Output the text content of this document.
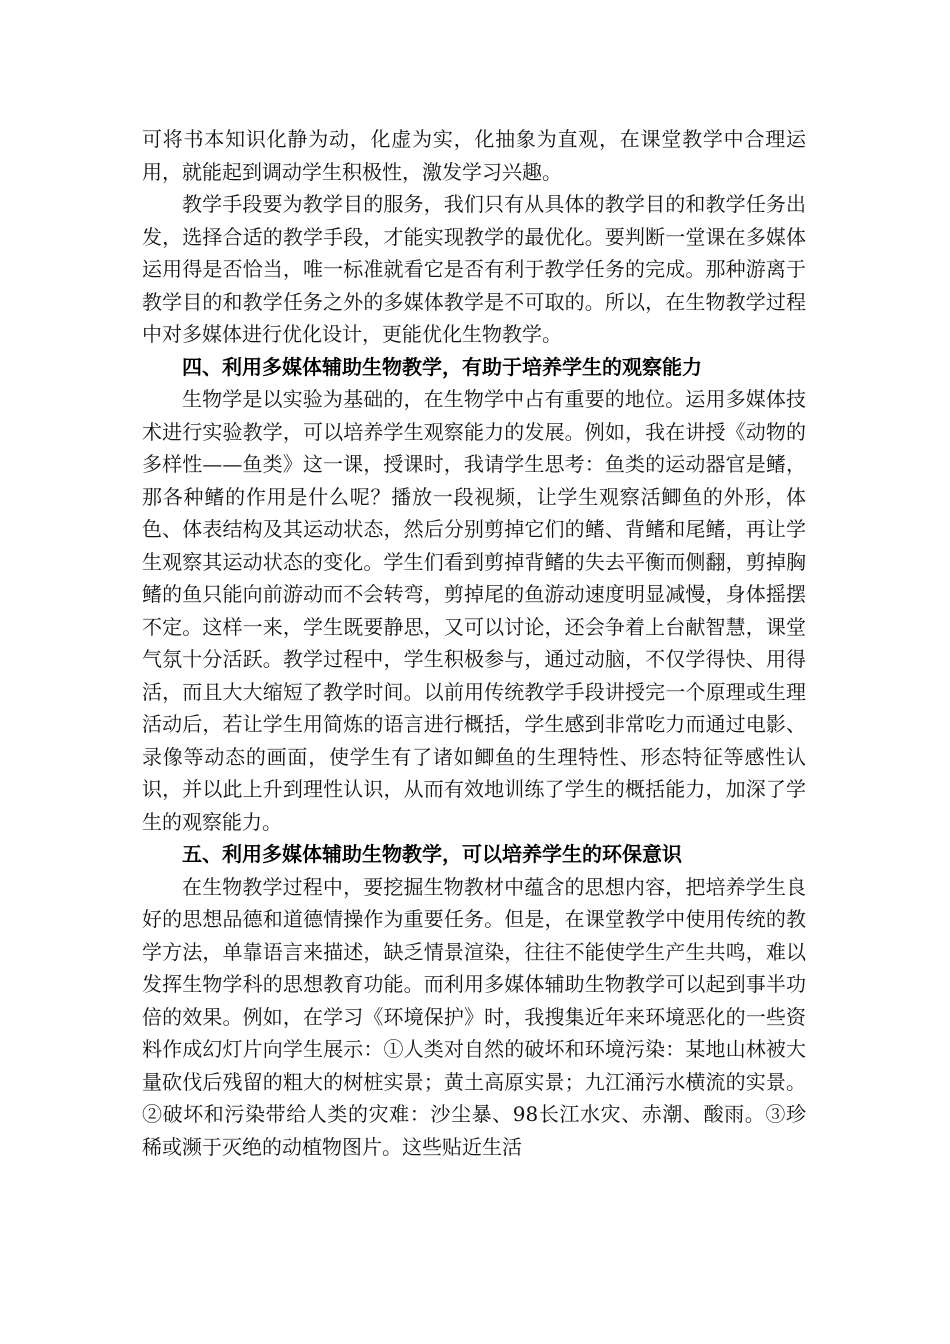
可将书本知识化静为动，化虚为实，化抽象为直观，在课堂教学中合理运用，就能起到调动学生积极性，激发学习兴趣。

教学手段要为教学目的服务，我们只有从具体的教学目的和教学任务出发，选择合适的教学手段，才能实现教学的最优化。要判断一堂课在多媒体运用得是否恰当，唯一标准就看它是否有利于教学任务的完成。那种游离于教学目的和教学任务之外的多媒体教学是不可取的。所以，在生物教学过程中对多媒体进行优化设计，更能优化生物教学。

四、利用多媒体辅助生物教学，有助于培养学生的观察能力

生物学是以实验为基础的，在生物学中占有重要的地位。运用多媒体技术进行实验教学，可以培养学生观察能力的发展。例如，我在讲授《动物的多样性——鱼类》这一课，授课时，我请学生思考：鱼类的运动器官是鳍，那各种鳍的作用是什么呢？播放一段视频，让学生观察活鲫鱼的外形，体色、体表结构及其运动状态，然后分别剪掉它们的鳍、背鳍和尾鳍，再让学生观察其运动状态的变化。学生们看到剪掉背鳍的失去平衡而侧翻，剪掉胸鳍的鱼只能向前游动而不会转弯，剪掉尾的鱼游动速度明显减慢，身体摇摆不定。这样一来，学生既要静思，又可以讨论，还会争着上台献智慧，课堂气氛十分活跃。教学过程中，学生积极参与，通过动脑，不仅学得快、用得活，而且大大缩短了教学时间。以前用传统教学手段讲授完一个原理或生理活动后，若让学生用简炼的语言进行概括，学生感到非常吃力而通过电影、录像等动态的画面，使学生有了诸如鲫鱼的生理特性、形态特征等感性认识，并以此上升到理性认识，从而有效地训练了学生的概括能力，加深了学生的观察能力。

五、利用多媒体辅助生物教学，可以培养学生的环保意识

在生物教学过程中，要挖掘生物教材中蕴含的思想内容，把培养学生良好的思想品德和道德情操作为重要任务。但是，在课堂教学中使用传统的教学方法，单靠语言来描述，缺乏情景渲染，往往不能使学生产生共鸣，难以发挥生物学科的思想教育功能。而利用多媒体辅助生物教学可以起到事半功倍的效果。例如，在学习《环境保护》时，我搜集近年来环境恶化的一些资料作成幻灯片向学生展示：①人类对自然的破坏和环境污染：某地山林被大量砍伐后残留的粗大的树桩实景；黄土高原实景；九江涌污水横流的实景。②破坏和污染带给人类的灾难：沙尘暴、98长江水灾、赤潮、酸雨。③珍稀或濒于灭绝的动植物图片。这些贴近生活
